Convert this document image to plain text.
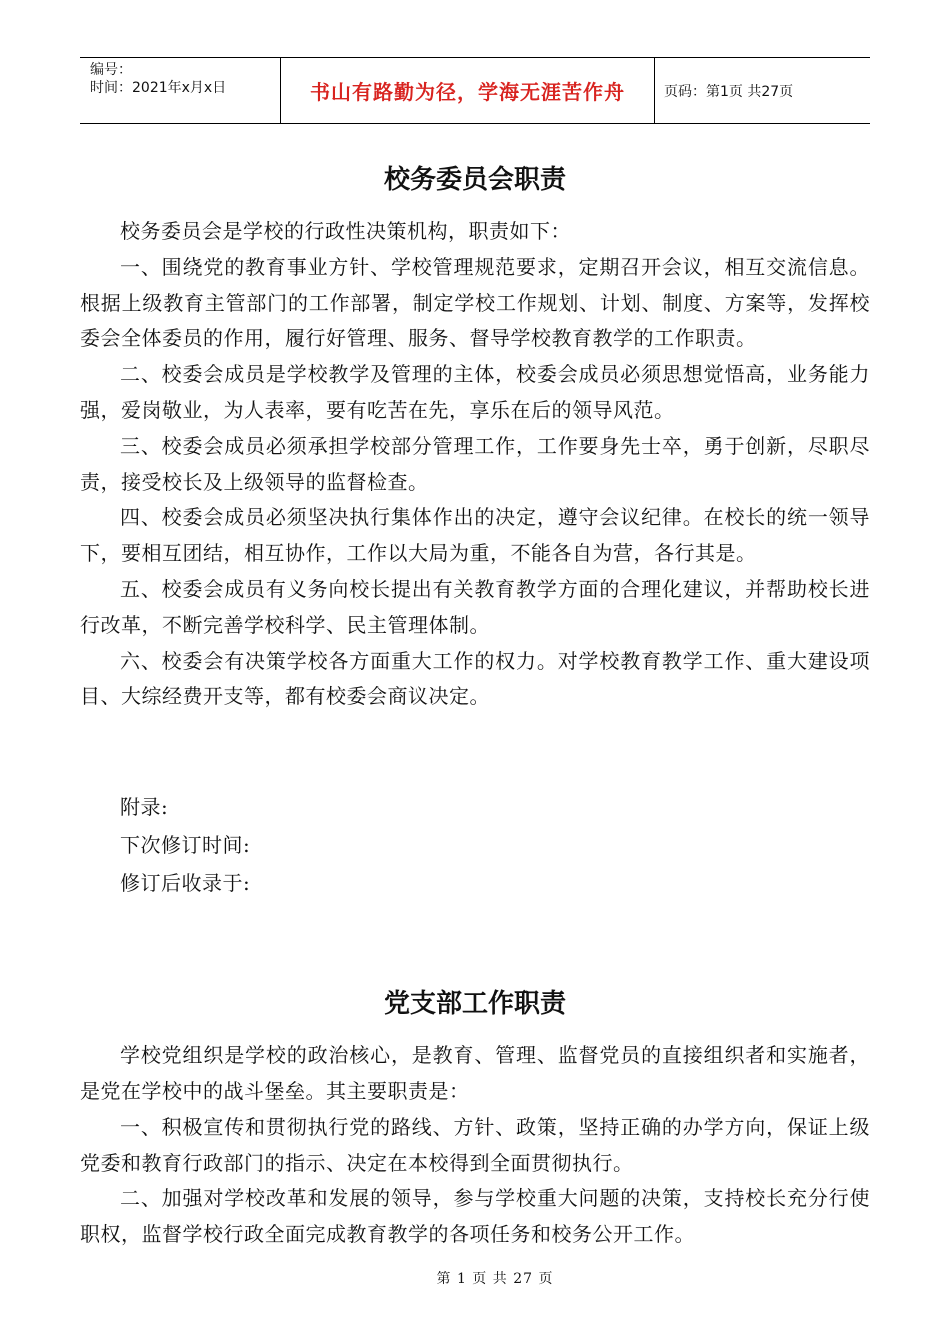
编号：
时间：2021年x月x日	书山有路勤为径，学海无涯苦作舟	页码：第1页 共27页
校务委员会职责

校务委员会是学校的行政性决策机构，职责如下：

一、围绕党的教育事业方针、学校管理规范要求，定期召开会议，相互交流信息。根据上级教育主管部门的工作部署，制定学校工作规划、计划、制度、方案等，发挥校委会全体委员的作用，履行好管理、服务、督导学校教育教学的工作职责。

二、校委会成员是学校教学及管理的主体，校委会成员必须思想觉悟高，业务能力强，爱岗敬业，为人表率，要有吃苦在先，享乐在后的领导风范。

三、校委会成员必须承担学校部分管理工作，工作要身先士卒，勇于创新，尽职尽责，接受校长及上级领导的监督检查。

四、校委会成员必须坚决执行集体作出的决定，遵守会议纪律。在校长的统一领导下，要相互团结，相互协作，工作以大局为重，不能各自为营，各行其是。

五、校委会成员有义务向校长提出有关教育教学方面的合理化建议，并帮助校长进行改革，不断完善学校科学、民主管理体制。

六、校委会有决策学校各方面重大工作的权力。对学校教育教学工作、重大建设项目、大综经费开支等，都有校委会商议决定。

附录:

下次修订时间:

修订后收录于:

党支部工作职责

学校党组织是学校的政治核心，是教育、管理、监督党员的直接组织者和实施者，是党在学校中的战斗堡垒。其主要职责是：

一、积极宣传和贯彻执行党的路线、方针、政策，坚持正确的办学方向，保证上级党委和教育行政部门的指示、决定在本校得到全面贯彻执行。

二、加强对学校改革和发展的领导，参与学校重大问题的决策，支持校长充分行使职权，监督学校行政全面完成教育教学的各项任务和校务公开工作。

第 1 页 共 27 页
